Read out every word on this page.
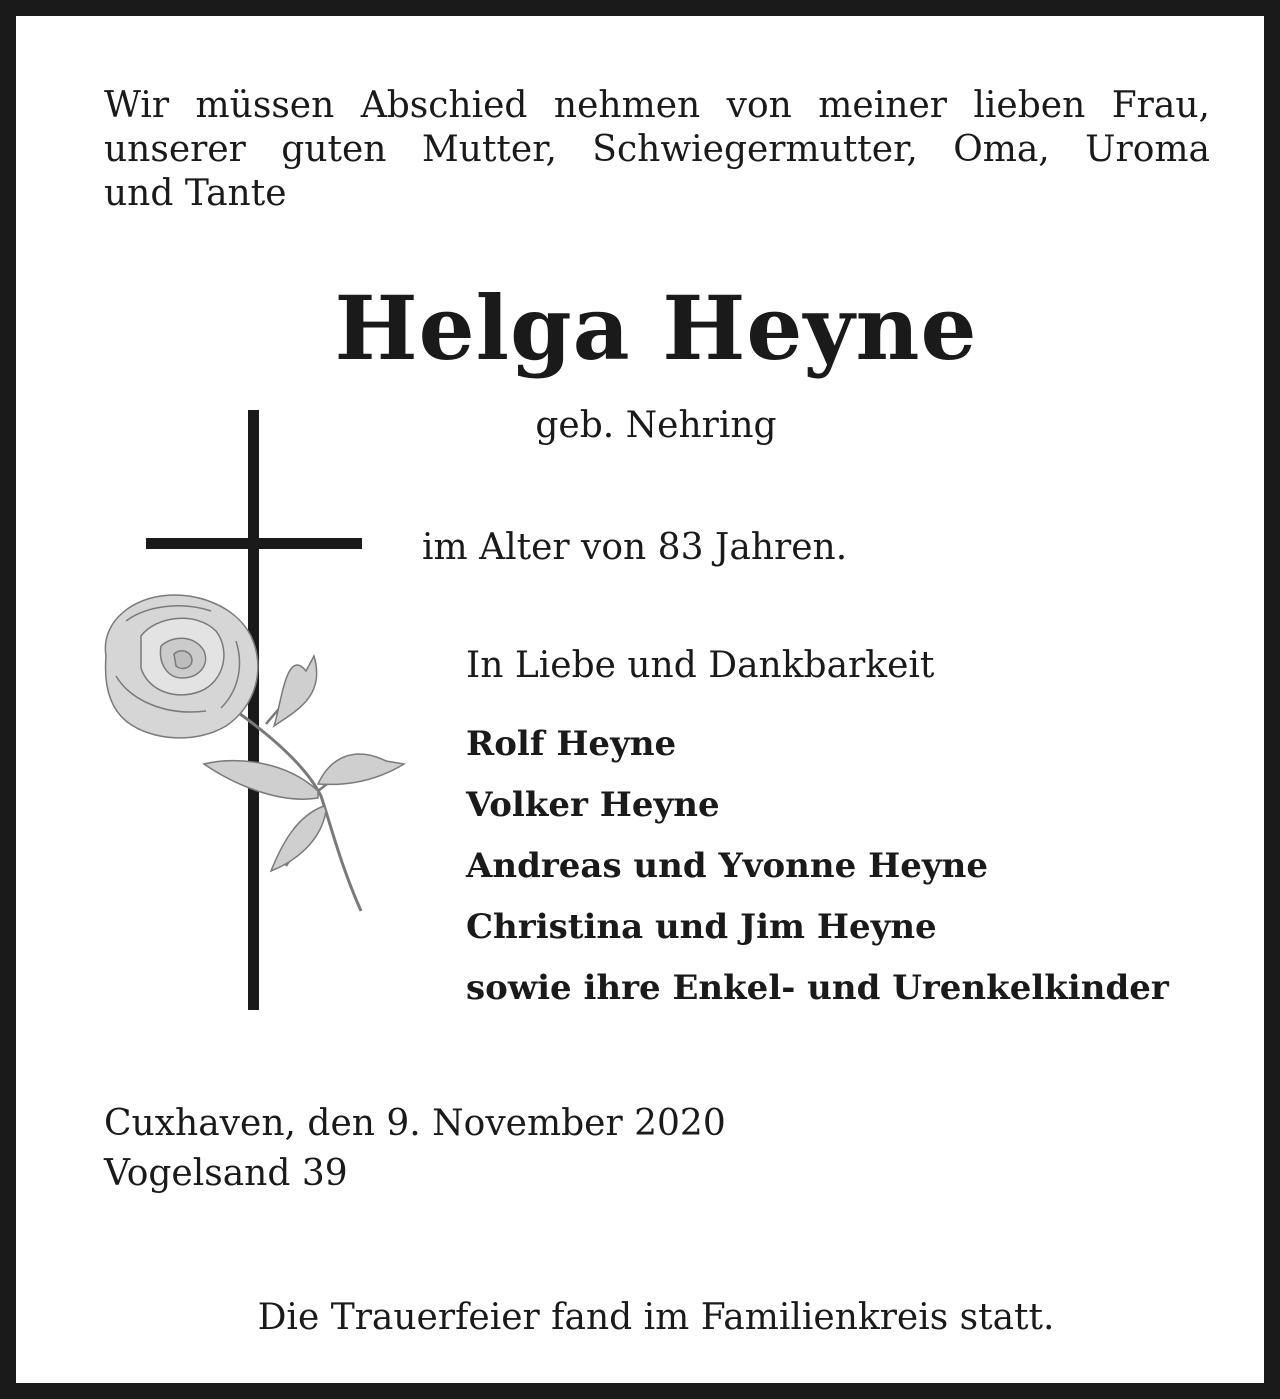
Wir müssen Abschied nehmen von meiner lieben Frau,
unserer guten Mutter, Schwiegermutter, Oma, Uroma
und Tante

Helga Heyne
geb. Nehring
im Alter von 83 Jahren.
In Liebe und Dankbarkeit
Rolf Heyne
Volker Heyne
Andreas und Yvonne Heyne
Christina und Jim Heyne
sowie ihre Enkel- und Urenkelkinder
Cuxhaven, den 9. November 2020
Vogelsand 39
Die Trauerfeier fand im Familienkreis statt.
